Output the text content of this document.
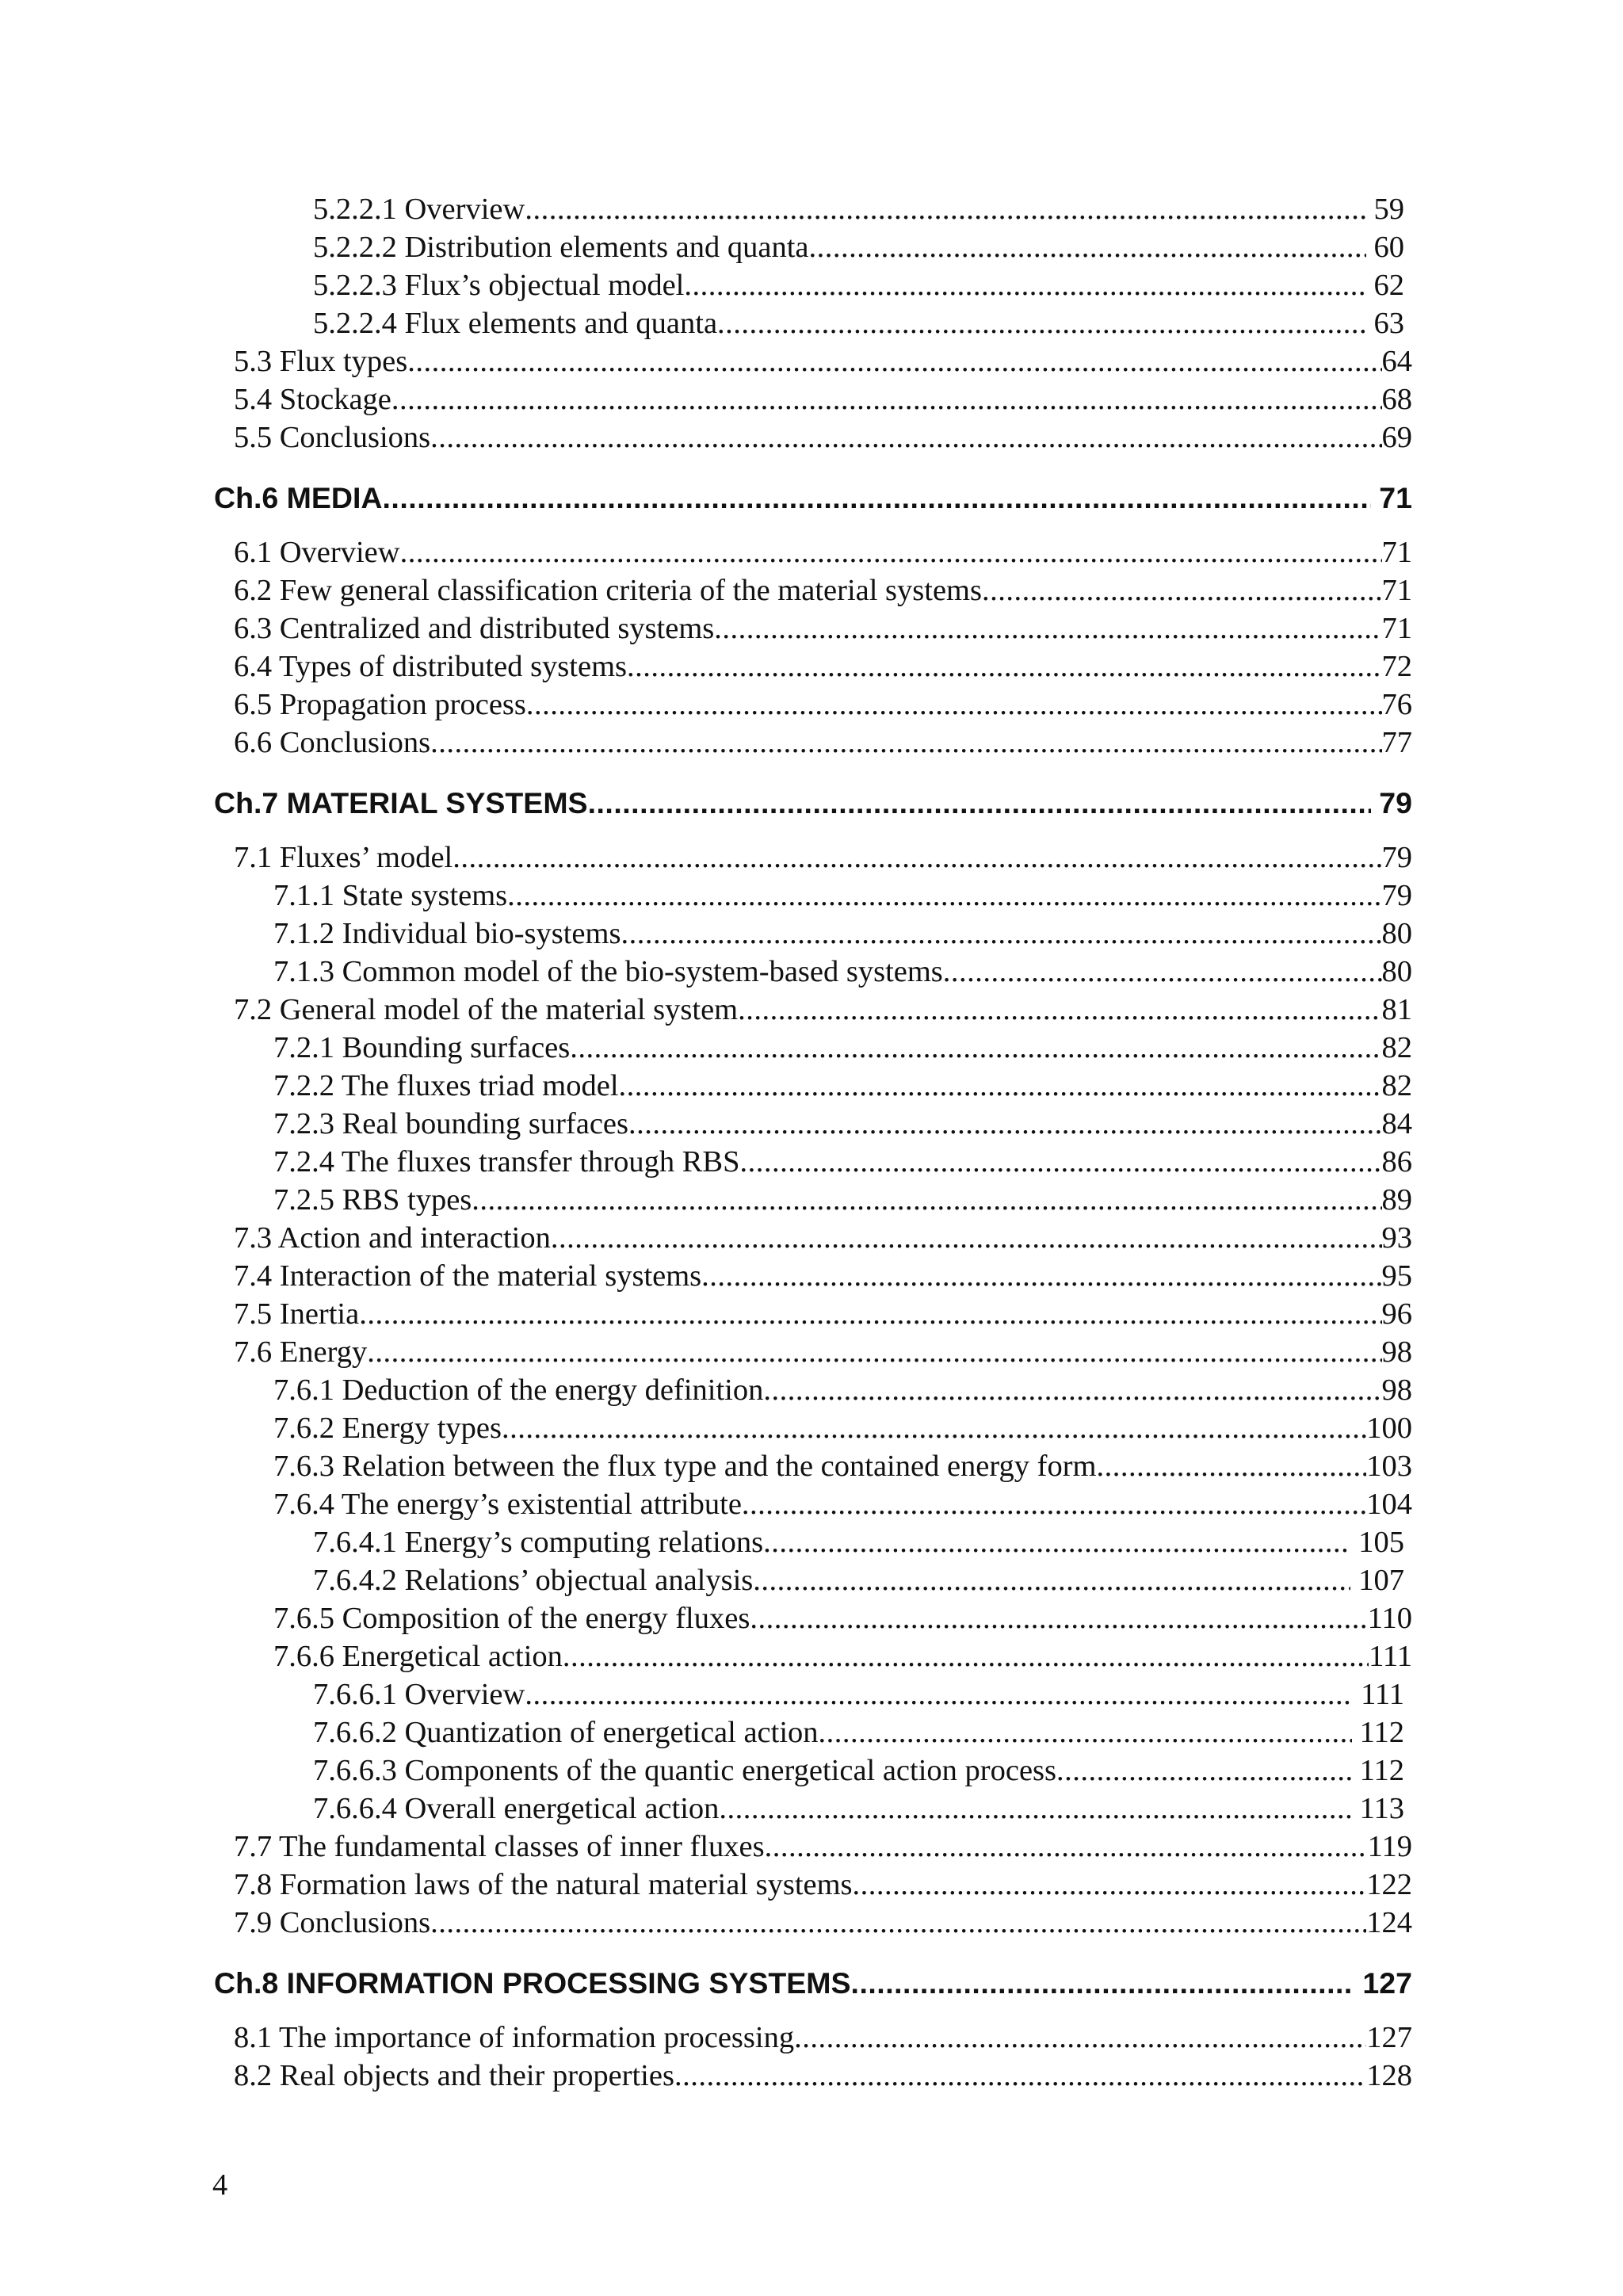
5.2.2.1 Overview .....	59
5.2.2.2 Distribution elements and quanta .....	60
5.2.2.3 Flux’s objectual model .....	62
5.2.2.4 Flux elements and quanta .....	63
5.3 Flux types .....	64
5.4 Stockage .....	68
5.5 Conclusions .....	69
Ch.6 MEDIA .....	71
6.1 Overview .....	71
6.2 Few general classification criteria of the material systems .....	71
6.3 Centralized and distributed systems .....	71
6.4 Types of distributed systems .....	72
6.5 Propagation process .....	76
6.6 Conclusions .....	77
Ch.7 MATERIAL SYSTEMS .....	79
7.1 Fluxes’ model .....	79
7.1.1 State systems .....	79
7.1.2 Individual bio-systems .....	80
7.1.3 Common model of the bio-system-based systems .....	80
7.2 General model of the material system .....	81
7.2.1 Bounding surfaces .....	82
7.2.2 The fluxes triad model .....	82
7.2.3 Real bounding surfaces .....	84
7.2.4 The fluxes transfer through RBS .....	86
7.2.5 RBS types .....	89
7.3 Action and interaction .....	93
7.4 Interaction of the material systems .....	95
7.5 Inertia .....	96
7.6 Energy .....	98
7.6.1 Deduction of the energy definition .....	98
7.6.2 Energy types .....	100
7.6.3 Relation between the flux type and the contained energy form .....	103
7.6.4 The energy’s existential attribute .....	104
7.6.4.1 Energy’s computing relations .....	105
7.6.4.2 Relations’ objectual analysis .....	107
7.6.5 Composition of the energy fluxes .....	110
7.6.6 Energetical action .....	111
7.6.6.1 Overview .....	111
7.6.6.2 Quantization of energetical action .....	112
7.6.6.3 Components of the quantic energetical action process .....	112
7.6.6.4 Overall energetical action .....	113
7.7 The fundamental classes of inner fluxes .....	119
7.8 Formation laws of the natural material systems .....	122
7.9 Conclusions .....	124
Ch.8 INFORMATION PROCESSING SYSTEMS .....	127
8.1 The importance of information processing .....	127
8.2 Real objects and their properties .....	128
4
